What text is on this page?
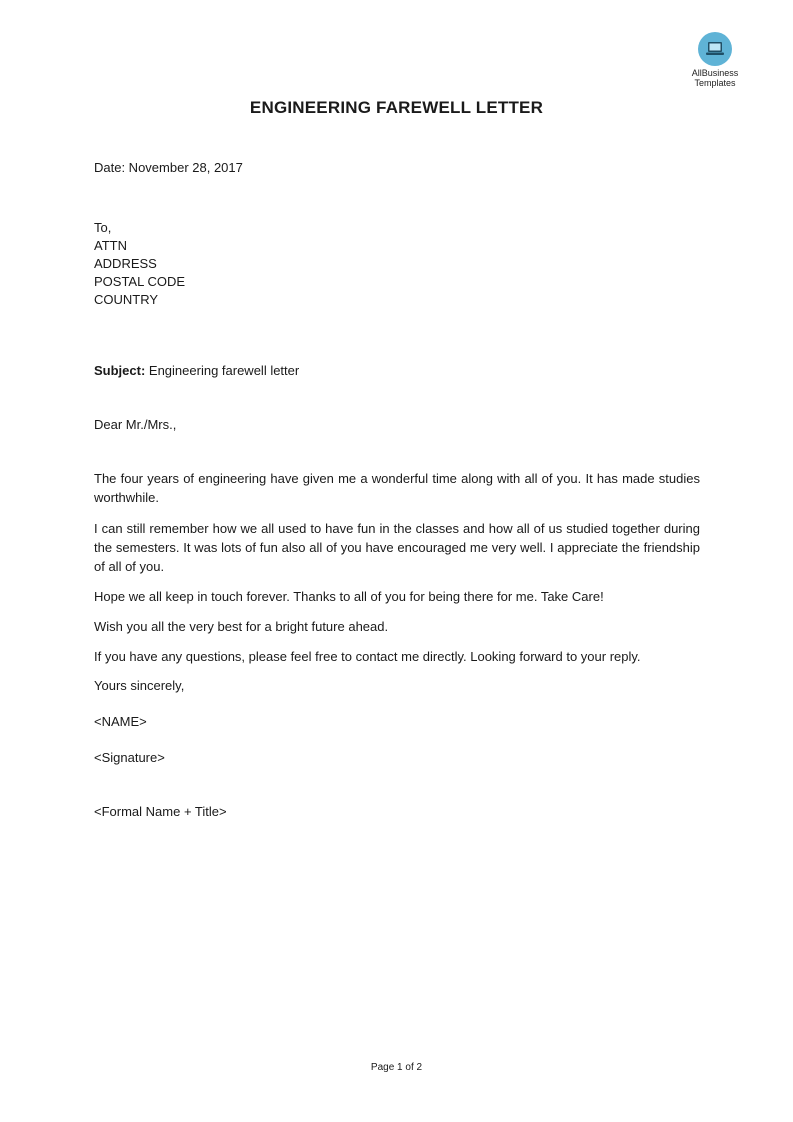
AllBusiness
Templates
ENGINEERING FAREWELL LETTER
Date: November 28, 2017
To,
ATTN
ADDRESS
POSTAL CODE
COUNTRY
Subject: Engineering farewell letter
Dear Mr./Mrs.,

The four years of engineering have given me a wonderful time along with all of you. It has made studies worthwhile.

I can still remember how we all used to have fun in the classes and how all of us studied together during the semesters. It was lots of fun also all of you have encouraged me very well. I appreciate the friendship of all of you.

Hope we all keep in touch forever. Thanks to all of you for being there for me. Take Care!

Wish you all the very best for a bright future ahead.

If you have any questions, please feel free to contact me directly. Looking forward to your reply.

Yours sincerely,
<NAME>
<Signature>
<Formal Name + Title>
Page 1 of 2
